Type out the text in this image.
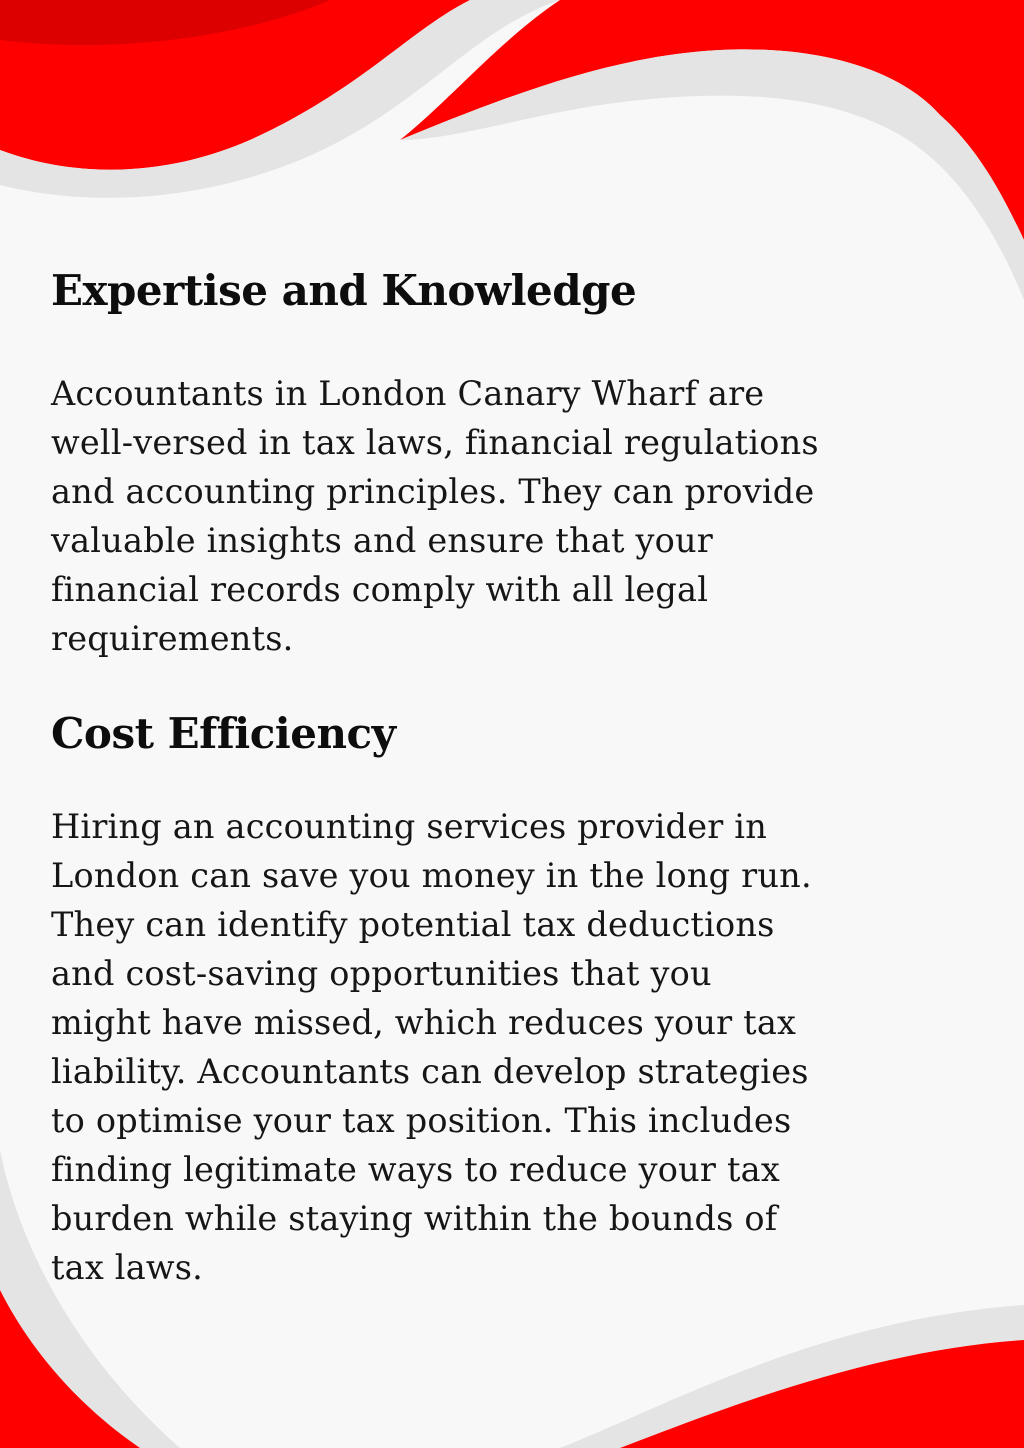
Expertise and Knowledge

Accountants in London Canary Wharf are
well-versed in tax laws, financial regulations
and accounting principles. They can provide
valuable insights and ensure that your
financial records comply with all legal
requirements.

Cost Efficiency

Hiring an accounting services provider in
London can save you money in the long run.
They can identify potential tax deductions
and cost-saving opportunities that you
might have missed, which reduces your tax
liability. Accountants can develop strategies
to optimise your tax position. This includes
finding legitimate ways to reduce your tax
burden while staying within the bounds of
tax laws.
